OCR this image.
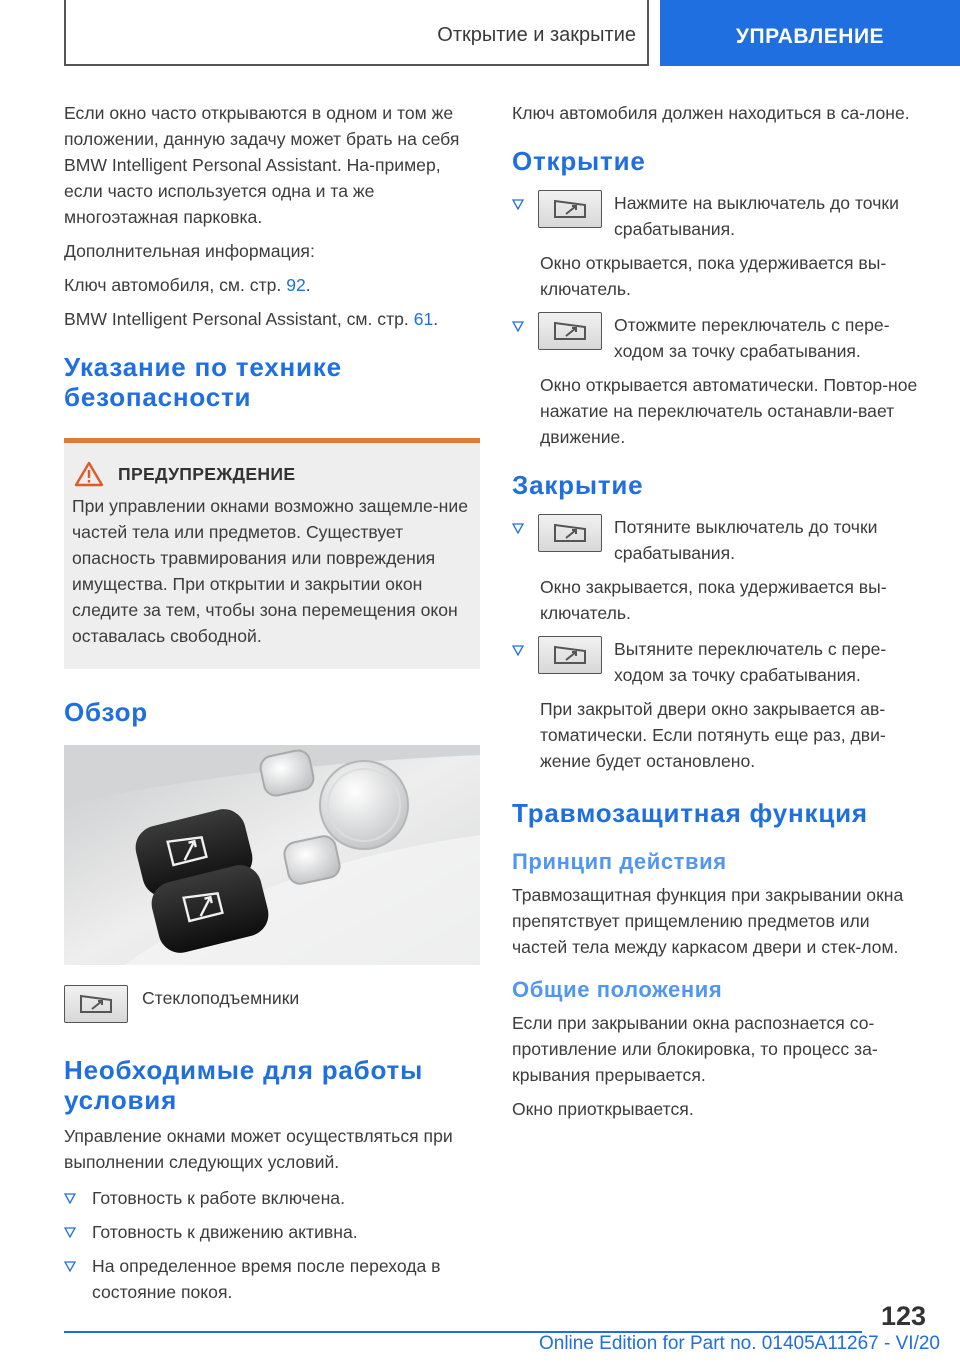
Открытие и закрытие	УПРАВЛЕНИЕ

Если окно часто открываются в одном и том же положении, данную задачу может брать на себя BMW Intelligent Personal Assistant. На‐пример, если часто используется одна и та же многоэтажная парковка.

Дополнительная информация:

Ключ автомобиля, см. стр. 92.

BMW Intelligent Personal Assistant, см. стр. 61.

Указание по технике безопасности
ПРЕДУПРЕЖДЕНИЕ

При управлении окнами возможно защемле‐ние частей тела или предметов. Существует опасность травмирования или повреждения имущества. При открытии и закрытии окон следите за тем, чтобы зона перемещения окон оставалась свободной.

Обзор
Стеклоподъемники
Необходимые для работы условия

Управление окнами может осуществляться при выполнении следующих условий.

Готовность к работе включена.
Готовность к движению активна.
На определенное время после перехода в состояние покоя.

Ключ автомобиля должен находиться в са‐лоне.

Открытие
Нажмите на выключатель до точки срабатывания.

Окно открывается, пока удерживается вы‐ключатель.

Отожмите переключатель с пере‐ходом за точку срабатывания.

Окно открывается автоматически. Повтор‐ное нажатие на переключатель останавли‐вает движение.

Закрытие
Потяните выключатель до точки срабатывания.

Окно закрывается, пока удерживается вы‐ключатель.

Вытяните переключатель с пере‐ходом за точку срабатывания.

При закрытой двери окно закрывается ав‐томатически. Если потянуть еще раз, дви‐жение будет остановлено.

Травмозащитная функция
Принцип действия

Травмозащитная функция при закрывании окна препятствует прищемлению предметов или частей тела между каркасом двери и стек‐лом.

Общие положения

Если при закрывании окна распознается со‐противление или блокировка, то процесс за‐крывания прерывается.

Окно приоткрывается.

123
Online Edition for Part no. 01405A11267 - VI/20
